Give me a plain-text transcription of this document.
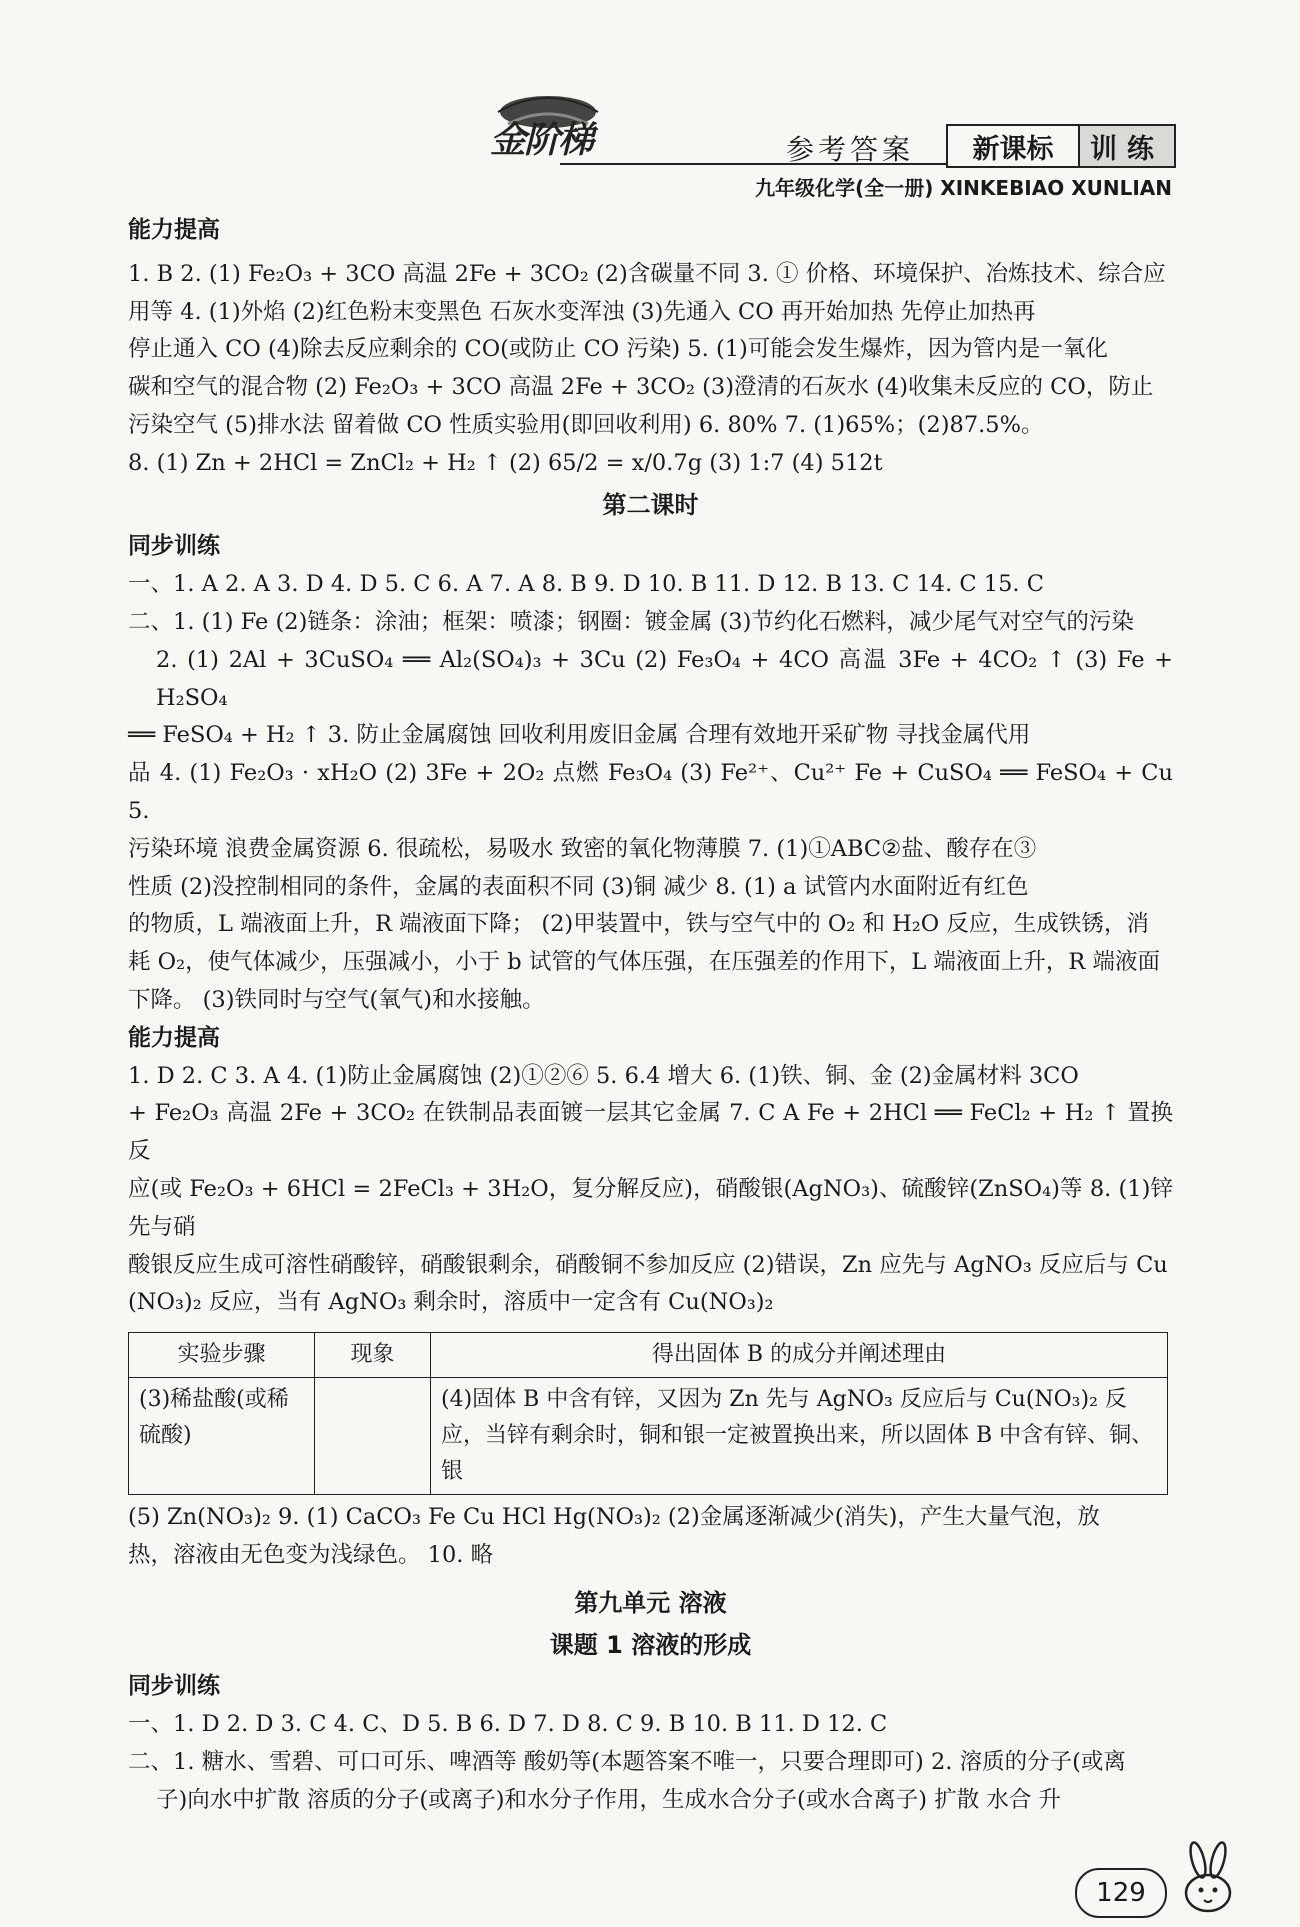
金阶梯	参考答案	新课标	训练
九年级化学(全一册) XINKEBIAO XUNLIAN
能力提高

1. B 2. (1) Fe₂O₃ + 3CO 高温 2Fe + 3CO₂ (2)含碳量不同 3. ① 价格、环境保护、冶炼技术、综合应

用等 4. (1)外焰 (2)红色粉末变黑色 石灰水变浑浊 (3)先通入 CO 再开始加热 先停止加热再

停止通入 CO (4)除去反应剩余的 CO(或防止 CO 污染) 5. (1)可能会发生爆炸，因为管内是一氧化

碳和空气的混合物 (2) Fe₂O₃ + 3CO 高温 2Fe + 3CO₂ (3)澄清的石灰水 (4)收集未反应的 CO，防止

污染空气 (5)排水法 留着做 CO 性质实验用(即回收利用) 6. 80% 7. (1)65%；(2)87.5%。

8. (1) Zn + 2HCl = ZnCl₂ + H₂ ↑ (2) 65/2 = x/0.7g (3) 1:7 (4) 512t

第二课时
同步训练

一、1. A 2. A 3. D 4. D 5. C 6. A 7. A 8. B 9. D 10. B 11. D 12. B 13. C 14. C 15. C

二、1. (1) Fe (2)链条：涂油；框架：喷漆；钢圈：镀金属 (3)节约化石燃料，减少尾气对空气的污染

2. (1) 2Al + 3CuSO₄ ══ Al₂(SO₄)₃ + 3Cu (2) Fe₃O₄ + 4CO 高温 3Fe + 4CO₂ ↑ (3) Fe + H₂SO₄

══ FeSO₄ + H₂ ↑ 3. 防止金属腐蚀 回收利用废旧金属 合理有效地开采矿物 寻找金属代用

品 4. (1) Fe₂O₃ · xH₂O (2) 3Fe + 2O₂ 点燃 Fe₃O₄ (3) Fe²⁺、Cu²⁺ Fe + CuSO₄ ══ FeSO₄ + Cu 5.

污染环境 浪费金属资源 6. 很疏松，易吸水 致密的氧化物薄膜 7. (1)①ABC②盐、酸存在③

性质 (2)没控制相同的条件，金属的表面积不同 (3)铜 减少 8. (1) a 试管内水面附近有红色

的物质，L 端液面上升，R 端液面下降； (2)甲装置中，铁与空气中的 O₂ 和 H₂O 反应，生成铁锈，消

耗 O₂，使气体减少，压强减小，小于 b 试管的气体压强，在压强差的作用下，L 端液面上升，R 端液面

下降。 (3)铁同时与空气(氧气)和水接触。

能力提高

1. D 2. C 3. A 4. (1)防止金属腐蚀 (2)①②⑥ 5. 6.4 增大 6. (1)铁、铜、金 (2)金属材料 3CO

+ Fe₂O₃ 高温 2Fe + 3CO₂ 在铁制品表面镀一层其它金属 7. C A Fe + 2HCl ══ FeCl₂ + H₂ ↑ 置换反

应(或 Fe₂O₃ + 6HCl = 2FeCl₃ + 3H₂O，复分解反应)，硝酸银(AgNO₃)、硫酸锌(ZnSO₄)等 8. (1)锌先与硝

酸银反应生成可溶性硝酸锌，硝酸银剩余，硝酸铜不参加反应 (2)错误，Zn 应先与 AgNO₃ 反应后与 Cu

(NO₃)₂ 反应，当有 AgNO₃ 剩余时，溶质中一定含有 Cu(NO₃)₂

实验步骤	现象	得出固体 B 的成分并阐述理由
(3)稀盐酸(或稀硫酸)		(4)固体 B 中含有锌，又因为 Zn 先与 AgNO₃ 反应后与 Cu(NO₃)₂ 反应，当锌有剩余时，铜和银一定被置换出来，所以固体 B 中含有锌、铜、银

(5) Zn(NO₃)₂ 9. (1) CaCO₃ Fe Cu HCl Hg(NO₃)₂ (2)金属逐渐减少(消失)，产生大量气泡，放

热，溶液由无色变为浅绿色。 10. 略

第九单元 溶液
课题 1 溶液的形成
同步训练

一、1. D 2. D 3. C 4. C、D 5. B 6. D 7. D 8. C 9. B 10. B 11. D 12. C

二、1. 糖水、雪碧、可口可乐、啤酒等 酸奶等(本题答案不唯一，只要合理即可) 2. 溶质的分子(或离

子)向水中扩散 溶质的分子(或离子)和水分子作用，生成水合分子(或水合离子) 扩散 水合 升

129
